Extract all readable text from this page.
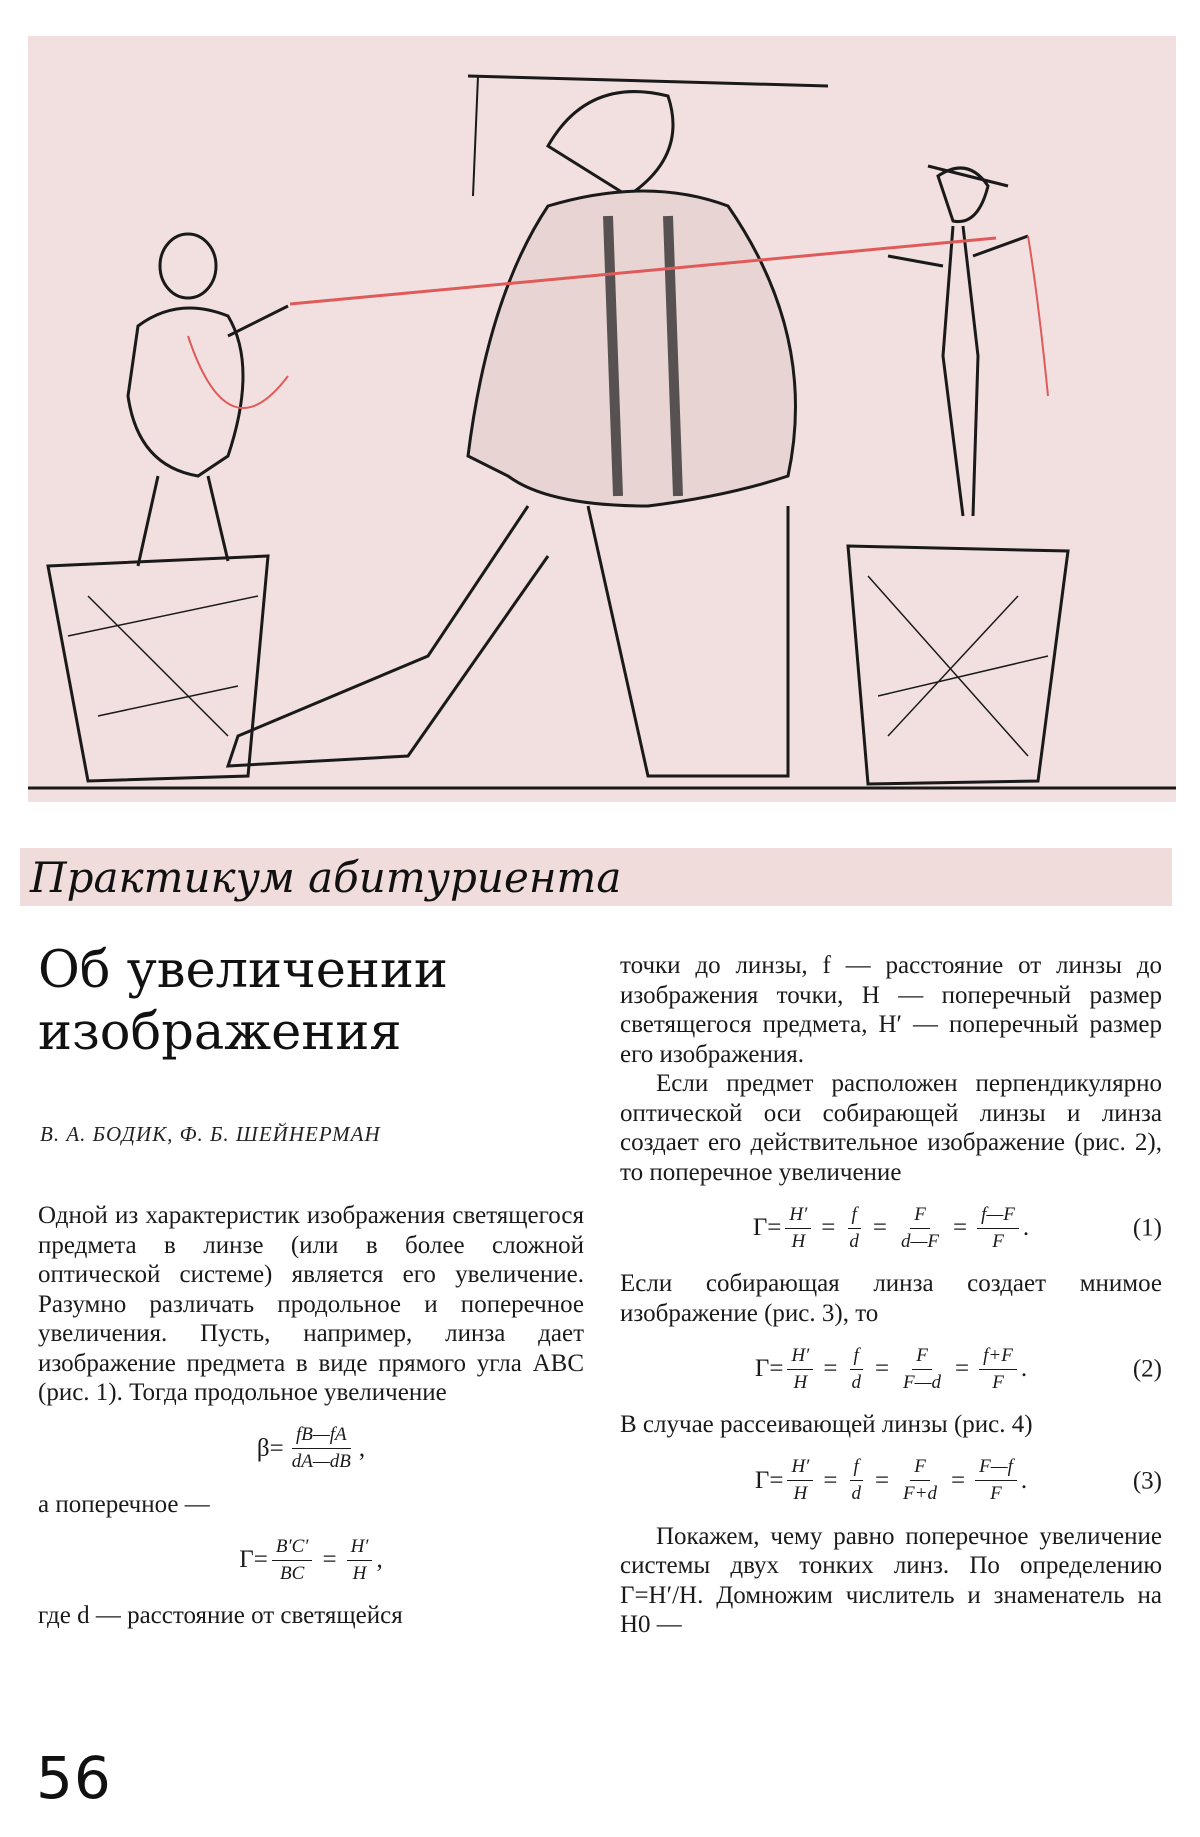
Практикум абитуриента
Об увеличении
изображения
В. А. БОДИК, Ф. Б. ШЕЙНЕРМАН

Одной из характеристик изображения светящегося предмета в линзе (или в более сложной оптической системе) является его увеличение. Разумно различать продольное и поперечное увеличения. Пусть, например, линза дает изображение предмета в виде прямого угла ABC (рис. 1). Тогда продольное увеличение

$\beta= \frac{fB—fA}{dA—dB}$ ,

а поперечное —

$Г= \frac{B'C'}{BC} = \frac{H'}{H}$ ,

где d — расстояние от светящейся

точки до линзы, f — расстояние от линзы до изображения точки, H — поперечный размер светящегося предмета, H′ — поперечный размер его изображения.

Если предмет расположен перпендикулярно оптической оси собирающей линзы и линза создает его действительное изображение (рис. 2), то поперечное увеличение

$Г= \frac{H'}{H} = \frac{f}{d} = \frac{F}{d—F} = \frac{f—F}{F}$ .	(1)

Если собирающая линза создает мнимое изображение (рис. 3), то

$Г= \frac{H'}{H} = \frac{f}{d} = \frac{F}{F—d} = \frac{f+F}{F}$ .	(2)

В случае рассеивающей линзы (рис. 4)

$Г= \frac{H'}{H} = \frac{f}{d} = \frac{F}{F+d} = \frac{F—f}{F}$ .	(3)

Покажем, чему равно поперечное увеличение системы двух тонких линз. По определению Г=H′/H. Домножим числитель и знаменатель на H0 —

56
